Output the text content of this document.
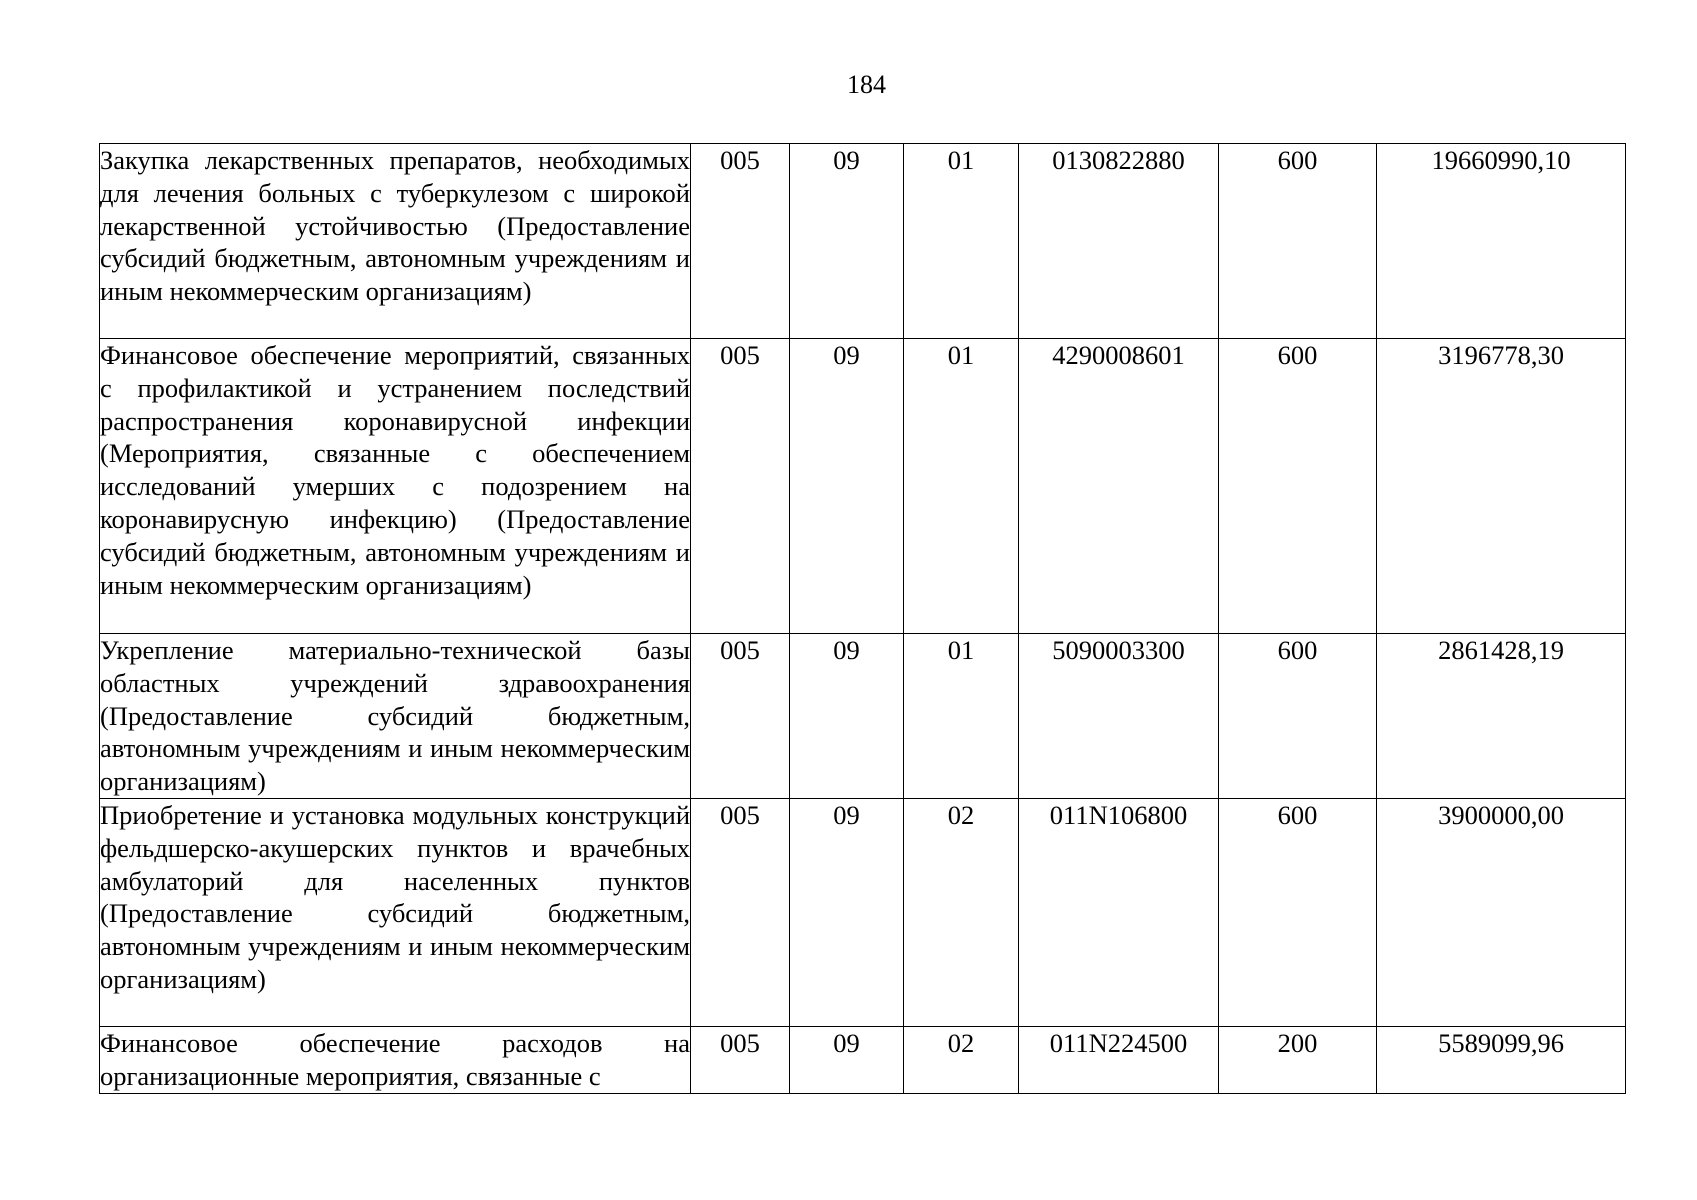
184
Закупка лекарственных препаратов, необходимых для лечения больных с туберкулезом с широкой лекарственной устойчивостью (Предоставление субсидий бюджетным, автономным учреждениям и иным некоммерческим организациям)	005	09	01	0130822880	600	19660990,10
Финансовое обеспечение мероприятий, связанных с профилактикой и устранением последствий распространения коронавирусной инфекции (Мероприятия, связанные с обеспечением исследований умерших с подозрением на коронавирусную инфекцию) (Предоставление субсидий бюджетным, автономным учреждениям и иным некоммерческим организациям)	005	09	01	4290008601	600	3196778,30
Укрепление материально-технической базы областных учреждений здравоохранения (Предоставление субсидий бюджетным, автономным учреждениям и иным некоммерческим организациям)	005	09	01	5090003300	600	2861428,19
Приобретение и установка модульных конструкций фельдшерско-акушерских пунктов и врачебных амбулаторий для населенных пунктов (Предоставление субсидий бюджетным, автономным учреждениям и иным некоммерческим организациям)	005	09	02	011N106800	600	3900000,00
Финансовое обеспечение расходов на организационные мероприятия, связанные с	005	09	02	011N224500	200	5589099,96
